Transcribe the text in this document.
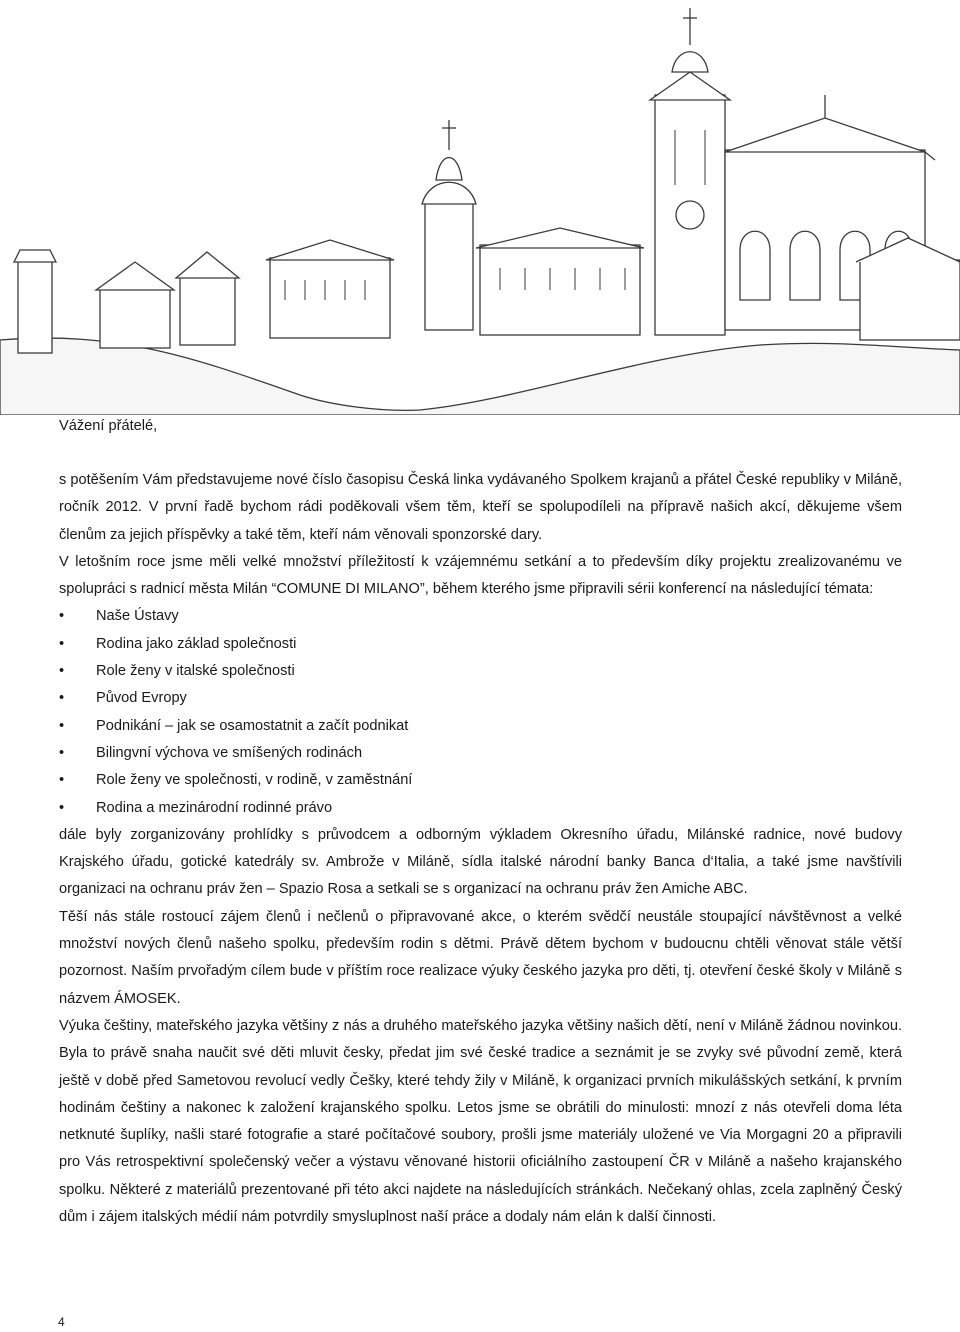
Vážení přátelé,

s potěšením Vám představujeme nové číslo časopisu Česká linka vydávaného Spolkem krajanů a přátel České republiky v Miláně, ročník 2012. V první řadě bychom rádi poděkovali všem těm, kteří se spolupodíleli na přípravě našich akcí, děkujeme všem členům za jejich příspěvky a také těm, kteří nám věnovali sponzorské dary.

V letošním roce jsme měli velké množství příležitostí k vzájemnému setkání a to především díky projektu zrealizovanému ve spolupráci s radnicí města Milán “COMUNE DI MILANO”, během kterého jsme připravili sérii konferencí na následující témata:

• Naše Ústavy
• Rodina jako základ společnosti
• Role ženy v italské společnosti
• Původ Evropy
• Podnikání – jak se osamostatnit a začít podnikat
• Bilingvní výchova ve smíšených rodinách
• Role ženy ve společnosti, v rodině, v zaměstnání
• Rodina a mezinárodní rodinné právo

dále byly zorganizovány prohlídky s průvodcem a odborným výkladem Okresního úřadu, Milánské radnice, nové budovy Krajského úřadu, gotické katedrály sv. Ambrože v Miláně, sídla italské národní banky Banca d‘Italia, a také jsme navštívili organizaci na ochranu práv žen – Spazio Rosa a setkali se s organizací na ochranu práv žen Amiche ABC.

Těší nás stále rostoucí zájem členů i nečlenů o připravované akce, o kterém svědčí neustále stoupající návštěvnost a velké množství nových členů našeho spolku, především rodin s dětmi. Právě dětem bychom v budoucnu chtěli věnovat stále větší pozornost. Naším prvořadým cílem bude v příštím roce realizace výuky českého jazyka pro děti, tj. otevření české školy v Miláně s názvem ÁMOSEK.

Výuka češtiny, mateřského jazyka většiny z nás a druhého mateřského jazyka většiny našich dětí, není v Miláně žádnou novinkou. Byla to právě snaha naučit své děti mluvit česky, předat jim své české tradice a seznámit je se zvyky své původní země, která ještě v době před Sametovou revolucí vedly Češky, které tehdy žily v Miláně, k organizaci prvních mikulášských setkání, k prvním hodinám češtiny a nakonec k založení krajanského spolku. Letos jsme se obrátili do minulosti: mnozí z nás otevřeli doma léta netknuté šuplíky, našli staré fotografie a staré počítačové soubory, prošli jsme materiály uložené ve Via Morgagni 20 a připravili pro Vás retrospektivní společenský večer a výstavu věnované historii oficiálního zastoupení ČR v Miláně a našeho krajanského spolku. Některé z materiálů prezentované při této akci najdete na následujících stránkách. Nečekaný ohlas, zcela zaplněný Český dům i zájem italských médií nám potvrdily smysluplnost naší práce a dodaly nám elán k další činnosti.

4
